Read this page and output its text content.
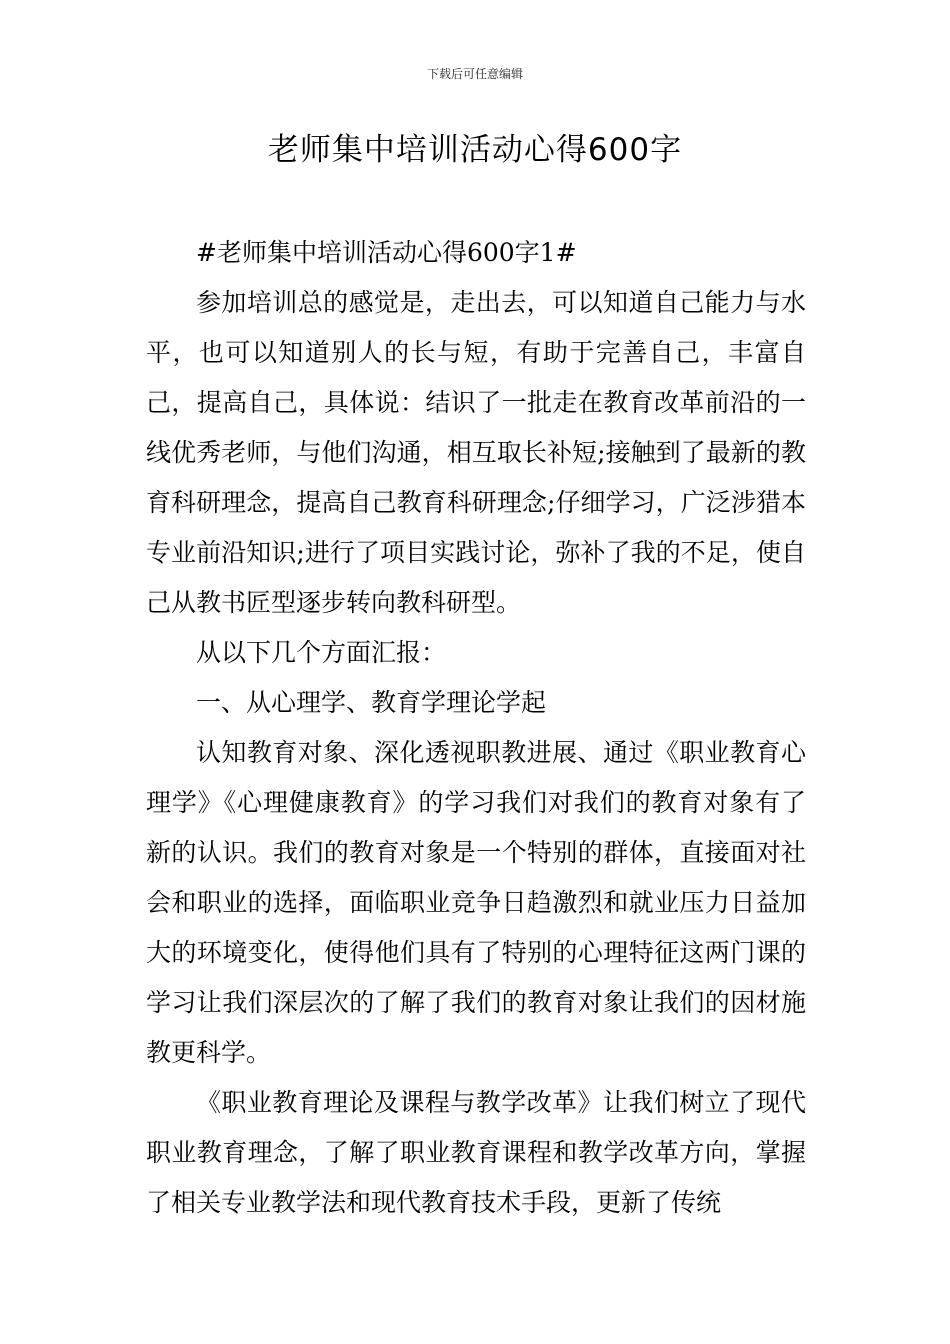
下载后可任意编辑
老师集中培训活动心得600字

#老师集中培训活动心得600字1#

参加培训总的感觉是，走出去，可以知道自己能力与水平，也可以知道别人的长与短，有助于完善自己，丰富自己，提高自己，具体说：结识了一批走在教育改革前沿的一线优秀老师，与他们沟通，相互取长补短;接触到了最新的教育科研理念，提高自己教育科研理念;仔细学习，广泛涉猎本专业前沿知识;进行了项目实践讨论，弥补了我的不足，使自己从教书匠型逐步转向教科研型。

从以下几个方面汇报：

一、从心理学、教育学理论学起

认知教育对象、深化透视职教进展、通过《职业教育心理学》《心理健康教育》的学习我们对我们的教育对象有了新的认识。我们的教育对象是一个特别的群体，直接面对社会和职业的选择，面临职业竞争日趋激烈和就业压力日益加大的环境变化，使得他们具有了特别的心理特征这两门课的学习让我们深层次的了解了我们的教育对象让我们的因材施教更科学。

《职业教育理论及课程与教学改革》让我们树立了现代职业教育理念，了解了职业教育课程和教学改革方向，掌握了相关专业教学法和现代教育技术手段，更新了传统
